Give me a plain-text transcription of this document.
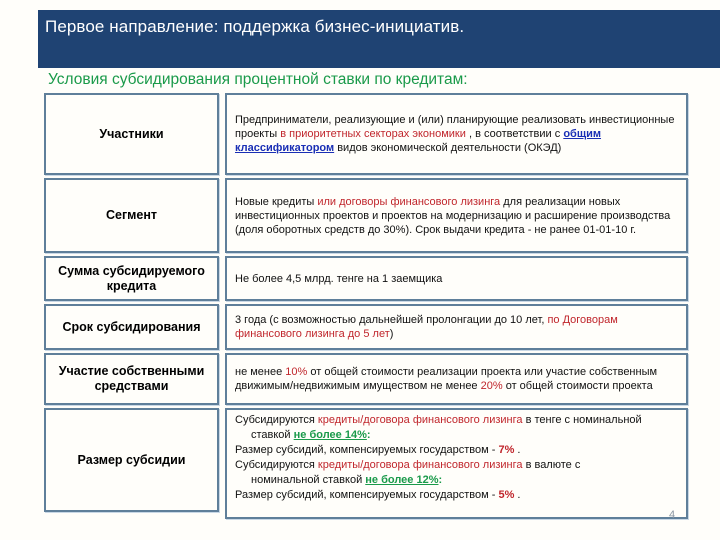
Первое направление: поддержка бизнес-инициатив.
Условия субсидирования процентной ставки по кредитам:
Участники
Предприниматели, реализующие и (или) планирующие реализовать инвестиционные проекты в приоритетных секторах экономики , в соответствии с общим классификатором видов экономической деятельности (ОКЭД)
Сегмент
Новые кредиты или договоры финансового лизинга для реализации новых инвестиционных проектов и проектов на модернизацию и расширение производства (доля оборотных средств до 30%). Срок выдачи кредита - не ранее 01-01-10 г.
Сумма субсидируемого кредита	Не более 4,5 млрд. тенге на 1 заемщика
Срок субсидирования	3 года (с возможностью дальнейшей пролонгации до 10 лет, по Договорам финансового лизинга до 5 лет)
Участие собственными средствами
не менее 10% от общей стоимости реализации проекта или участие собственным движимым/недвижимым имуществом не менее 20% от общей стоимости проекта
Размер субсидии
Субсидируются кредиты/договора финансового лизинга в тенге с номинальной
ставкой не более 14%:
Размер субсидий, компенсируемых государством - 7% .
Субсидируются кредиты/договора финансового лизинга в валюте с
номинальной ставкой не более 12%:
Размер субсидий, компенсируемых государством - 5% .
4
